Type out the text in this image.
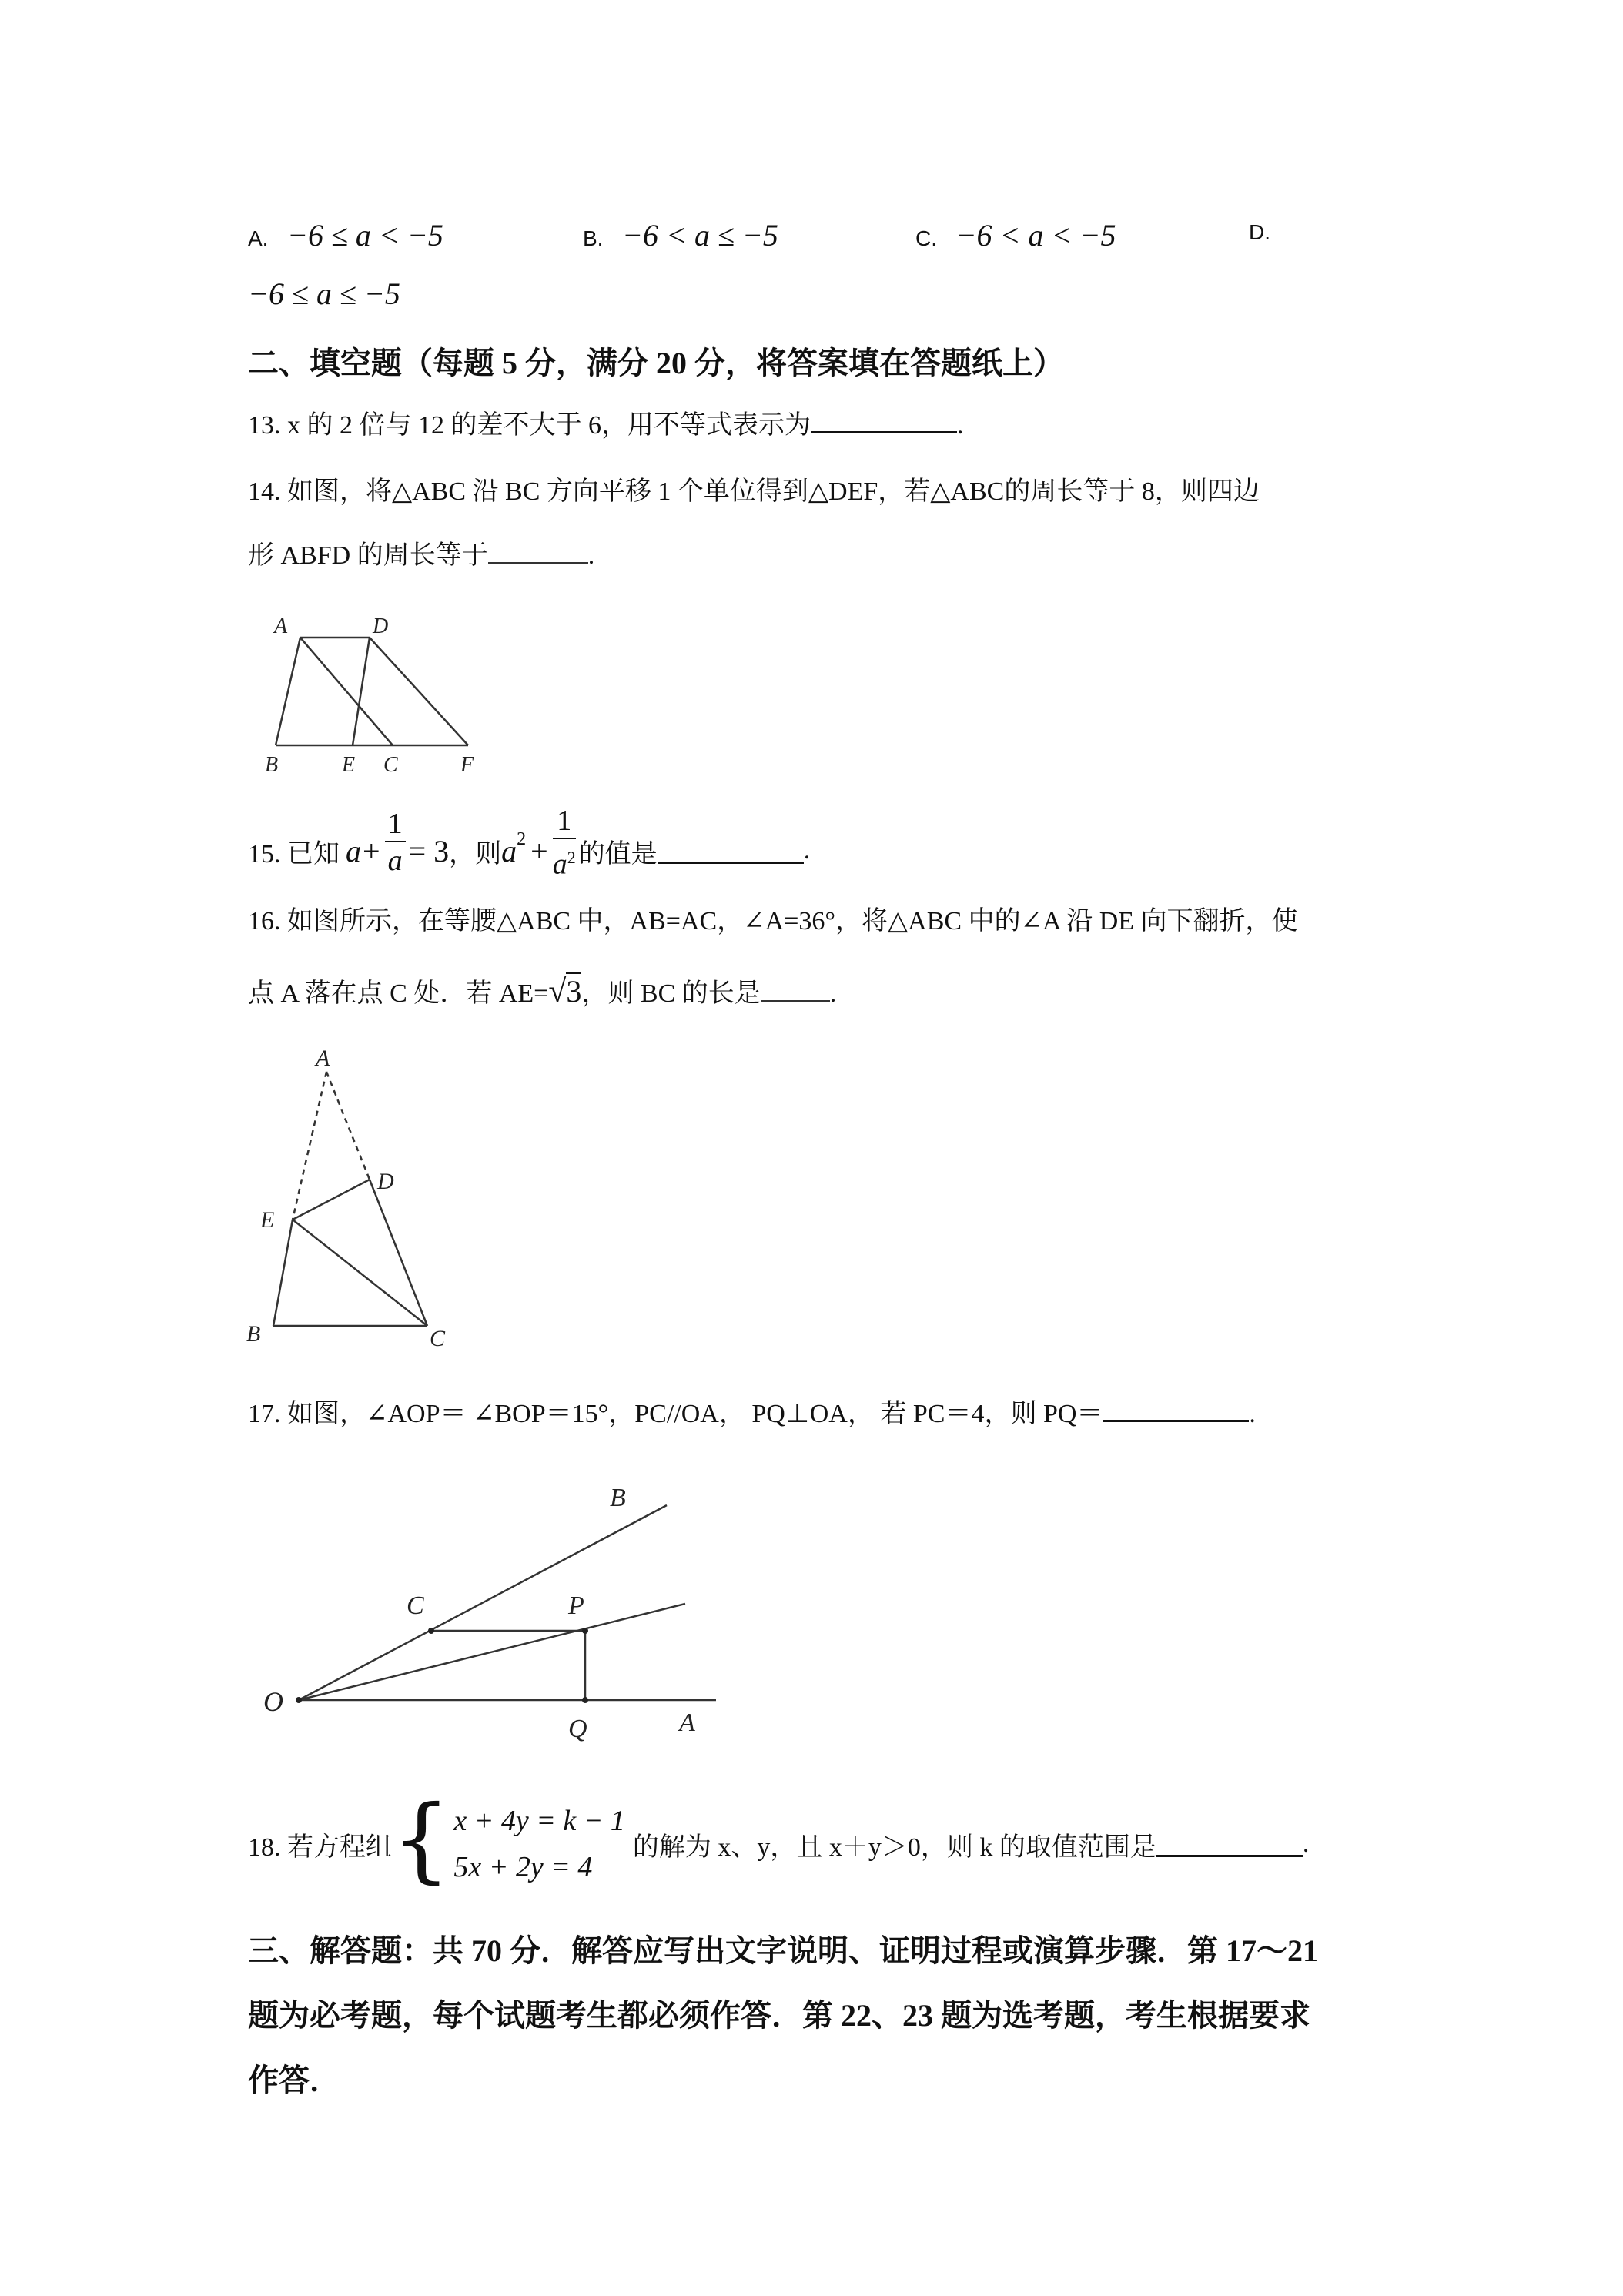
A. −6 ≤ a < −5	B. −6 < a ≤ −5	C. −6 < a < −5	D.
−6 ≤ a ≤ −5
二、填空题（每题 5 分，满分 20 分，将答案填在答题纸上）
13. x 的 2 倍与 12 的差不大于 6，用不等式表示为	.
14. 如图，将△ABC 沿 BC 方向平移 1 个单位得到△DEF，若△ABC的周长等于 8，则四边
形 ABFD 的周长等于	.
A	D
B	E C	F
15. 已知 $a + \frac{1}{a} = 3$ ，则 $a^2 + \frac{1}{a^2}$ 的值是	.
16. 如图所示，在等腰△ABC 中，AB=AC，∠A=36°，将△ABC 中的∠A 沿 DE 向下翻折，使
点 A 落在点 C 处．若 AE=√3，则 BC 的长是	.
A
D
E
B	C
17. 如图，∠AOP＝ ∠BOP＝15°，PC//OA， PQ⊥OA， 若 PC＝4，则 PQ＝	.
B
C	P
O
Q	A
18. 若方程组 { x + 4y = k − 1
5x + 2y = 4
的解为 x、y，且 x＋y＞0，则 k 的取值范围是	.
三、解答题：共 70 分．解答应写出文字说明、证明过程或演算步骤．第 17～21
题为必考题，每个试题考生都必须作答．第 22、23 题为选考题，考生根据要求
作答．
